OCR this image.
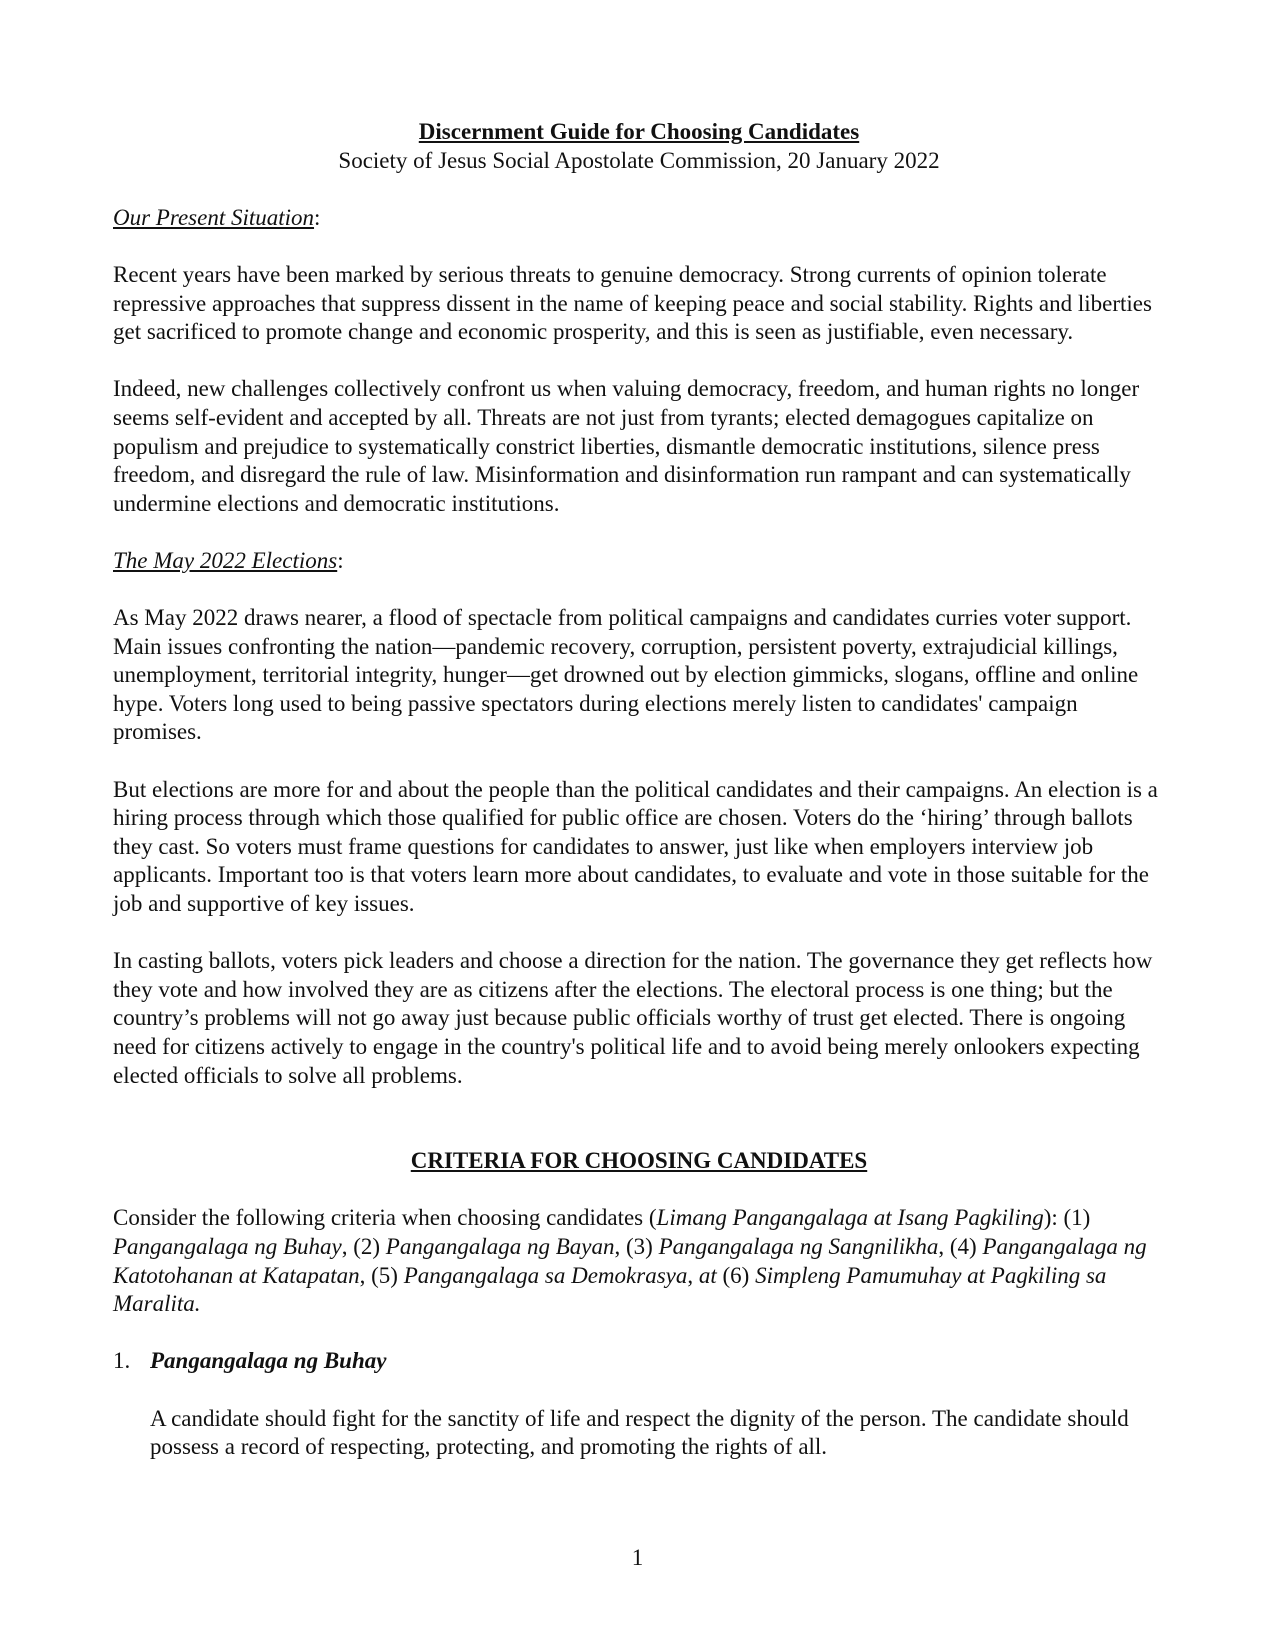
Discernment Guide for Choosing Candidates

Society of Jesus Social Apostolate Commission, 20 January 2022

Our Present Situation:

Recent years have been marked by serious threats to genuine democracy. Strong currents of opinion tolerate repressive approaches that suppress dissent in the name of keeping peace and social stability. Rights and liberties get sacrificed to promote change and economic prosperity, and this is seen as justifiable, even necessary.

Indeed, new challenges collectively confront us when valuing democracy, freedom, and human rights no longer seems self-evident and accepted by all. Threats are not just from tyrants; elected demagogues capitalize on populism and prejudice to systematically constrict liberties, dismantle democratic institutions, silence press freedom, and disregard the rule of law. Misinformation and disinformation run rampant and can systematically undermine elections and democratic institutions.

The May 2022 Elections:

As May 2022 draws nearer, a flood of spectacle from political campaigns and candidates curries voter support. Main issues confronting the nation—pandemic recovery, corruption, persistent poverty, extrajudicial killings, unemployment, territorial integrity, hunger—get drowned out by election gimmicks, slogans, offline and online hype. Voters long used to being passive spectators during elections merely listen to candidates' campaign promises.

But elections are more for and about the people than the political candidates and their campaigns. An election is a hiring process through which those qualified for public office are chosen. Voters do the ‘hiring’ through ballots they cast. So voters must frame questions for candidates to answer, just like when employers interview job applicants. Important too is that voters learn more about candidates, to evaluate and vote in those suitable for the job and supportive of key issues.

In casting ballots, voters pick leaders and choose a direction for the nation. The governance they get reflects how they vote and how involved they are as citizens after the elections. The electoral process is one thing; but the country’s problems will not go away just because public officials worthy of trust get elected. There is ongoing need for citizens actively to engage in the country's political life and to avoid being merely onlookers expecting elected officials to solve all problems.

CRITERIA FOR CHOOSING CANDIDATES

Consider the following criteria when choosing candidates (Limang Pangangalaga at Isang Pagkiling): (1) Pangangalaga ng Buhay, (2) Pangangalaga ng Bayan, (3) Pangangalaga ng Sangnilikha, (4) Pangangalaga ng Katotohanan at Katapatan, (5) Pangangalaga sa Demokrasya, at (6) Simpleng Pamumuhay at Pagkiling sa Maralita.

1. Pangangalaga ng Buhay

A candidate should fight for the sanctity of life and respect the dignity of the person. The candidate should possess a record of respecting, protecting, and promoting the rights of all.

1
